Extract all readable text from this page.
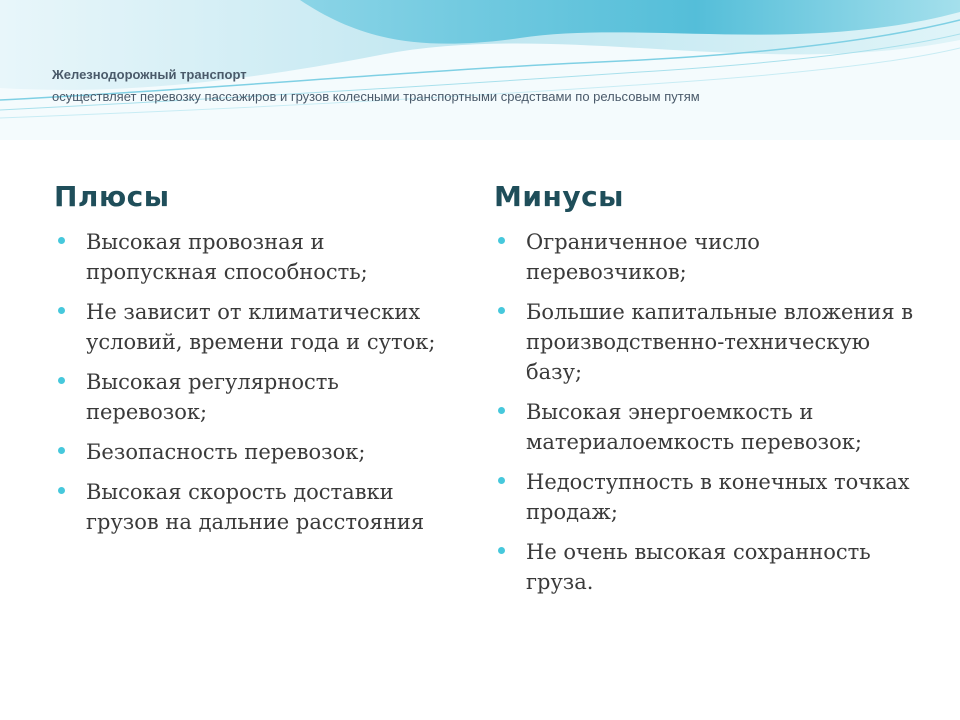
Железнодорожный транспорт
осуществляет перевозку пассажиров и грузов колесными транспортными средствами по рельсовым путям
Плюсы
Высокая провозная и пропускная способность;
Не зависит от климатических условий, времени года и суток;
Высокая регулярность перевозок;
Безопасность перевозок;
Высокая скорость доставки грузов на дальние расстояния
Минусы
Ограниченное число перевозчиков;
Большие капитальные вложения в производственно-техническую базу;
Высокая энергоемкость и материалоемкость перевозок;
Недоступность в конечных точках продаж;
Не очень высокая сохранность груза.
